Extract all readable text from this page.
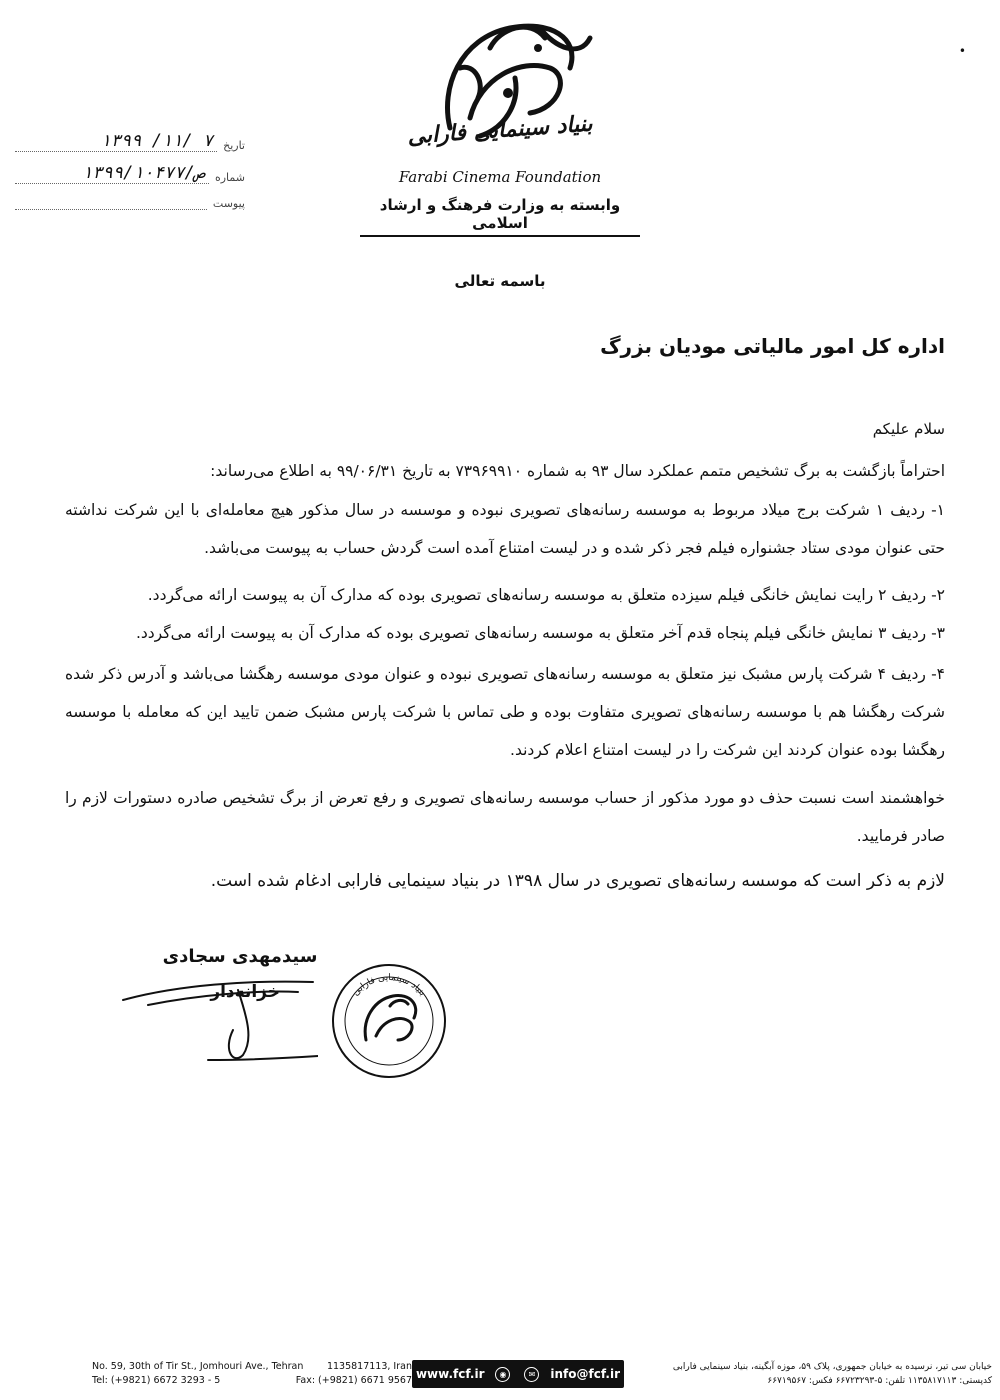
بنیاد سینمایی فارابی
Farabi Cinema Foundation
وابسته به وزارت فرهنگ و ارشاد اسلامی
•
تاریخ
۱۳۹۹ /۱۱/ ۷
شماره
۱۳۹۹/ص/۱۰۴۷۷
پیوست
باسمه تعالی
اداره کل امور مالیاتی مودیان بزرگ
سلام علیکم
احتراماً بازگشت به برگ تشخیص متمم عملکرد سال ۹۳ به شماره ۷۳۹۶۹۹۱۰ به تاریخ ۹۹/۰۶/۳۱ به اطلاع می‌رساند:
۱- ردیف ۱ شرکت برج میلاد مربوط به موسسه رسانه‌های تصویری نبوده و موسسه در سال مذکور هیچ معامله‌ای با این شرکت نداشته حتی عنوان مودی ستاد جشنواره فیلم فجر ذکر شده و در لیست امتناع آمده است گردش حساب به پیوست می‌باشد.
۲- ردیف ۲ رایت نمایش خانگی فیلم سیزده متعلق به موسسه رسانه‌های تصویری بوده که مدارک آن به پیوست ارائه می‌گردد.
۳- ردیف ۳ نمایش خانگی فیلم پنجاه قدم آخر متعلق به موسسه رسانه‌های تصویری بوده که مدارک آن به پیوست ارائه می‌گردد.
۴- ردیف ۴ شرکت پارس مشبک نیز متعلق به موسسه رسانه‌های تصویری نبوده و عنوان مودی موسسه رهگشا می‌باشد و آدرس ذکر شده شرکت رهگشا هم با موسسه رسانه‌های تصویری متفاوت بوده و طی تماس با شرکت پارس مشبک ضمن تایید این که معامله با موسسه رهگشا بوده عنوان کردند این شرکت را در لیست امتناع اعلام کردند.
خواهشمند است نسبت حذف دو مورد مذکور از حساب موسسه رسانه‌های تصویری و رفع تعرض از برگ تشخیص صادره دستورات لازم را صادر فرمایید.
لازم به ذکر است که موسسه رسانه‌های تصویری در سال ۱۳۹۸ در بنیاد سینمایی فارابی ادغام شده است.
سیدمهدی سجادی
خزانه‌دار	بنیاد سینمایی فارابی
No. 59, 30th of Tir St., Jomhouri Ave., Tehran 1135817113, Iran
Tel: (+9821) 6672 3293 - 5	Fax: (+9821) 6671 9567 www.fcf.ir	◉	✉	info@fcf.ir	خیابان سی تیر، نرسیده به خیابان جمهوری، پلاک ۵۹، موزه آبگینه، بنیاد سینمایی فارابی
کدپستی: ۱۱۳۵۸۱۷۱۱۳ تلفن: ۵-۶۶۷۲۳۲۹۳ فکس: ۶۶۷۱۹۵۶۷
